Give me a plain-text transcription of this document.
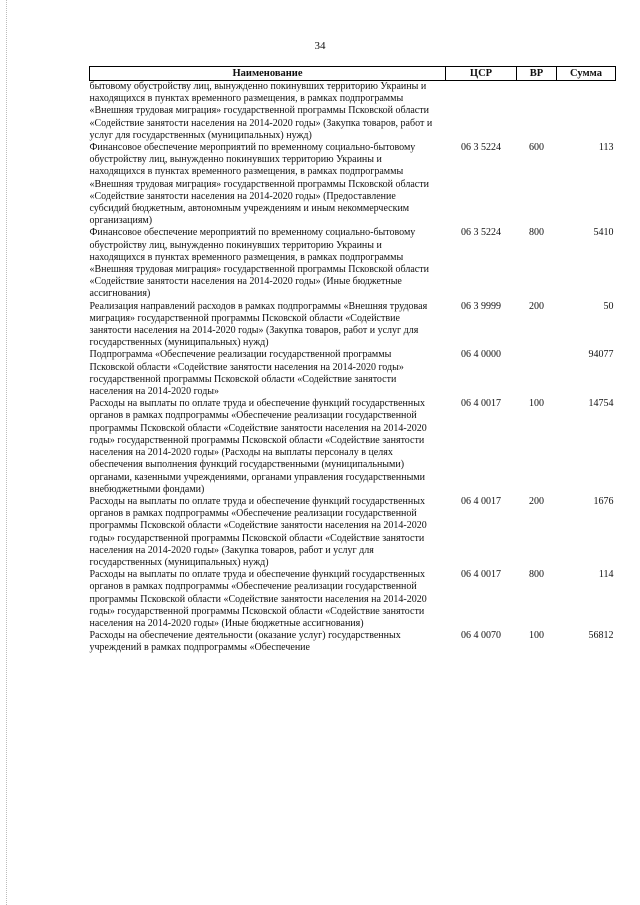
34
Наименование	ЦСР	ВР	Сумма
бытовому обустройству лиц, вынужденно покинувших территорию Украины и находящихся в пунктах временного размещения, в рамках подпрограммы «Внешняя трудовая миграция» государственной программы Псковской области «Содействие занятости населения на 2014-2020 годы» (Закупка товаров, работ и услуг для государственных (муниципальных) нужд)			
Финансовое обеспечение мероприятий по временному социально-бытовому обустройству лиц, вынужденно покинувших территорию Украины и находящихся в пунктах временного размещения, в рамках подпрограммы «Внешняя трудовая миграция» государственной программы Псковской области «Содействие занятости населения на 2014-2020 годы» (Предоставление субсидий бюджетным, автономным учреждениям и иным некоммерческим организациям)	06 3 5224	600	113
Финансовое обеспечение мероприятий по временному социально-бытовому обустройству лиц, вынужденно покинувших территорию Украины и находящихся в пунктах временного размещения, в рамках подпрограммы «Внешняя трудовая миграция» государственной программы Псковской области «Содействие занятости населения на 2014-2020 годы» (Иные бюджетные ассигнования)	06 3 5224	800	5410
Реализация направлений расходов в рамках подпрограммы «Внешняя трудовая миграция» государственной программы Псковской области «Содействие занятости населения на 2014-2020 годы» (Закупка товаров, работ и услуг для государственных (муниципальных) нужд)	06 3 9999	200	50
Подпрограмма «Обеспечение реализации государственной программы Псковской области «Содействие занятости населения на 2014-2020 годы» государственной программы Псковской области «Содействие занятости населения на 2014-2020 годы»	06 4 0000		94077
Расходы на выплаты по оплате труда и обеспечение функций государственных органов в рамках подпрограммы «Обеспечение реализации государственной программы Псковской области «Содействие занятости населения на 2014-2020 годы» государственной программы Псковской области «Содействие занятости населения на 2014-2020 годы» (Расходы на выплаты персоналу в целях обеспечения выполнения функций государственными (муниципальными) органами, казенными учреждениями, органами управления государственными внебюджетными фондами)	06 4 0017	100	14754
Расходы на выплаты по оплате труда и обеспечение функций государственных органов в рамках подпрограммы «Обеспечение реализации государственной программы Псковской области «Содействие занятости населения на 2014-2020 годы» государственной программы Псковской области «Содействие занятости населения на 2014-2020 годы» (Закупка товаров, работ и услуг для государственных (муниципальных) нужд)	06 4 0017	200	1676
Расходы на выплаты по оплате труда и обеспечение функций государственных органов в рамках подпрограммы «Обеспечение реализации государственной программы Псковской области «Содействие занятости населения на 2014-2020 годы» государственной программы Псковской области «Содействие занятости населения на 2014-2020 годы» (Иные бюджетные ассигнования)	06 4 0017	800	114
Расходы на обеспечение деятельности (оказание услуг) государственных учреждений в рамках подпрограммы «Обеспечение	06 4 0070	100	56812
